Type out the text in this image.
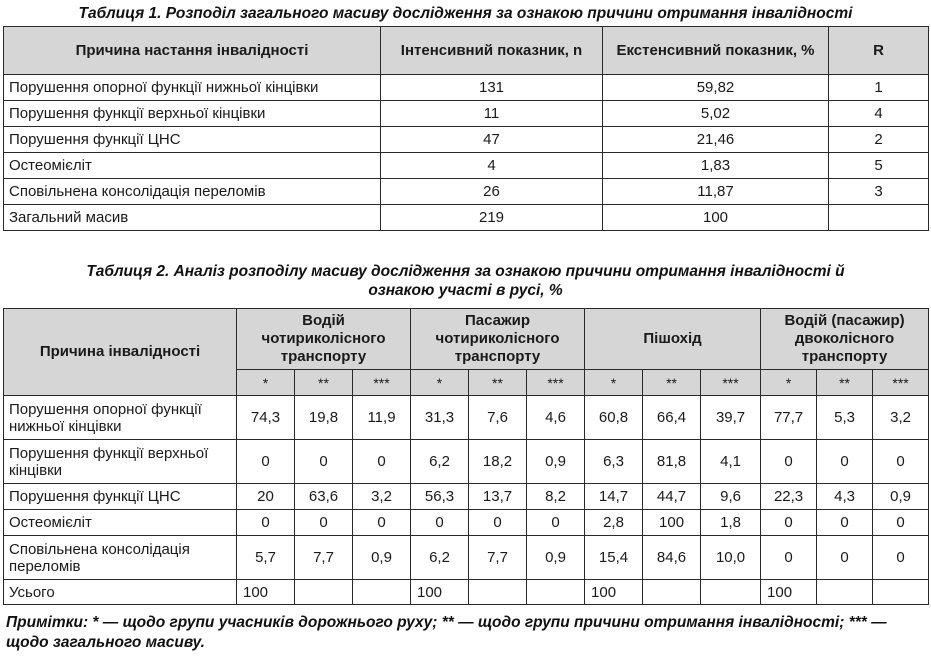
Таблиця 1. Розподіл загального масиву дослідження за ознакою причини отримання інвалідності
Причина настання інвалідності	Інтенсивний показник, n	Екстенсивний показник, %	R
Порушення опорної функції нижньої кінцівки	131	59,82	1
Порушення функції верхньої кінцівки	11	5,02	4
Порушення функції ЦНС	47	21,46	2
Остеомієліт	4	1,83	5
Сповільнена консолідація переломів	26	11,87	3
Загальний масив	219	100	
Таблиця 2. Аналіз розподілу масиву дослідження за ознакою причини отримання інвалідності й ознакою участі в русі, %
Причина інвалідності	Водій чотириколісного транспорту			Пасажир чотириколісного транспорту			Пішохід			Водій (пасажир) двоколісного транспорту		
	*	**	***	*	**	***	*	**	***	*	**	***
Порушення опорної функції нижньої кінцівки	74,3	19,8	11,9	31,3	7,6	4,6	60,8	66,4	39,7	77,7	5,3	3,2
Порушення функції верхньої кінцівки	0	0	0	6,2	18,2	0,9	6,3	81,8	4,1	0	0	0
Порушення функції ЦНС	20	63,6	3,2	56,3	13,7	8,2	14,7	44,7	9,6	22,3	4,3	0,9
Остеомієліт	0	0	0	0	0	0	2,8	100	1,8	0	0	0
Сповільнена консолідація переломів	5,7	7,7	0,9	6,2	7,7	0,9	15,4	84,6	10,0	0	0	0
Усього	100			100			100			100		
Примітки: * — щодо групи учасників дорожнього руху; ** — щодо групи причини отримання інвалідності; *** — щодо загального масиву.
